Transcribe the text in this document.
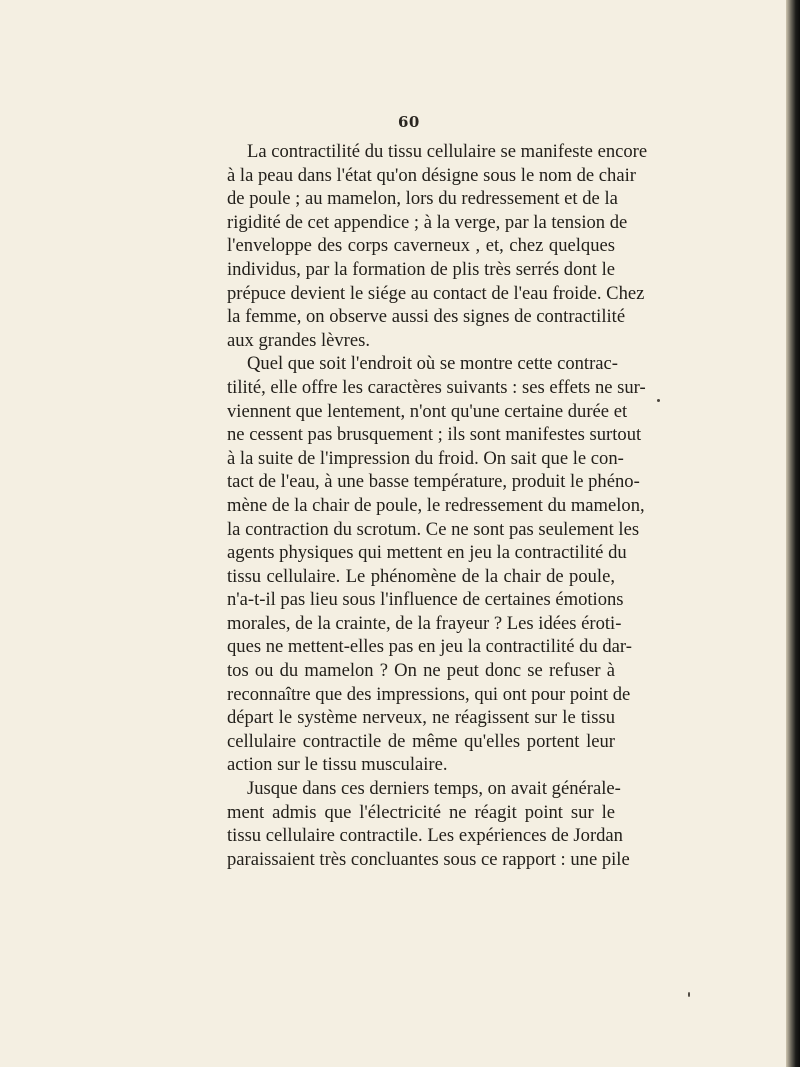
60
La contractilité du tissu cellulaire se manifeste encore
à la peau dans l'état qu'on désigne sous le nom de chair
de poule ; au mamelon, lors du redressement et de la
rigidité de cet appendice ; à la verge, par la tension de
l'enveloppe des corps caverneux , et, chez quelques
individus, par la formation de plis très serrés dont le
prépuce devient le siége au contact de l'eau froide. Chez
la femme, on observe aussi des signes de contractilité
aux grandes lèvres.
Quel que soit l'endroit où se montre cette contrac-
tilité, elle offre les caractères suivants : ses effets ne sur-
viennent que lentement, n'ont qu'une certaine durée et
ne cessent pas brusquement ; ils sont manifestes surtout
à la suite de l'impression du froid. On sait que le con-
tact de l'eau, à une basse température, produit le phéno-
mène de la chair de poule, le redressement du mamelon,
la contraction du scrotum. Ce ne sont pas seulement les
agents physiques qui mettent en jeu la contractilité du
tissu cellulaire. Le phénomène de la chair de poule,
n'a-t-il pas lieu sous l'influence de certaines émotions
morales, de la crainte, de la frayeur ? Les idées éroti-
ques ne mettent-elles pas en jeu la contractilité du dar-
tos ou du mamelon ? On ne peut donc se refuser à
reconnaître que des impressions, qui ont pour point de
départ le système nerveux, ne réagissent sur le tissu
cellulaire contractile de même qu'elles portent leur
action sur le tissu musculaire.
Jusque dans ces derniers temps, on avait générale-
ment admis que l'électricité ne réagit point sur le
tissu cellulaire contractile. Les expériences de Jordan
paraissaient très concluantes sous ce rapport : une pile
